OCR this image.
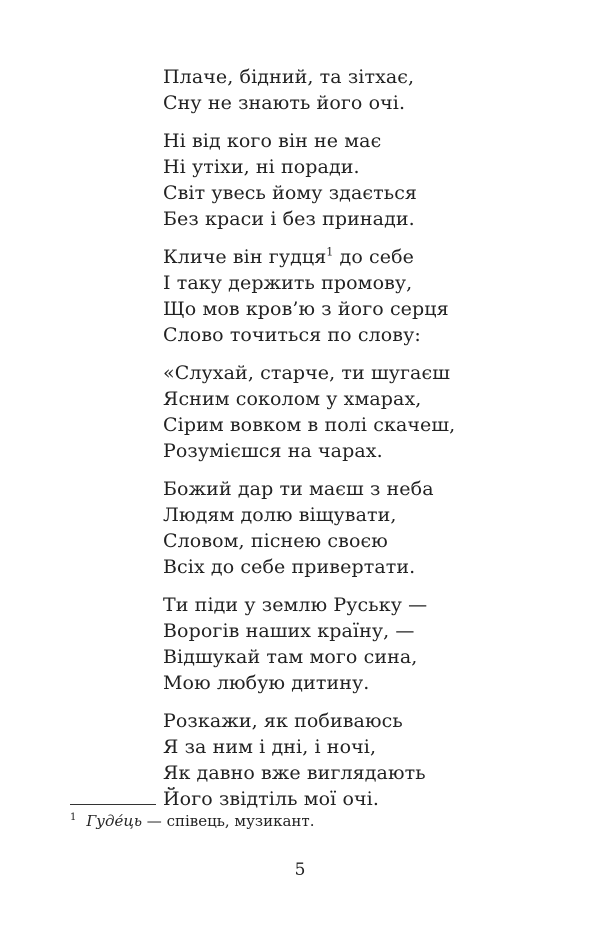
Плаче, бідний, та зітхає,
Сну не знають його очі.
Ні від кого він не має
Ні утіхи, ні поради.
Світ увесь йому здається
Без краси і без принади.
Кличе він гудця$^1$ до себе
І таку держить промову,
Що мов кров’ю з його серця
Слово точиться по слову:
«Слухай, старче, ти шугаєш
Ясним соколом у хмарах,
Сірим вовком в полі скачеш,
Розумієшся на чарах.
Божий дар ти маєш з неба
Людям долю віщувати,
Словом, піснею своєю
Всіх до себе привертати.
Ти піди у землю Руську —
Ворогів наших країну, —
Відшукай там мого сина,
Мою любую дитину.
Розкажи, як побиваюсь
Я за ним і дні, і ночі,
Як давно вже виглядають
Його звідтіль мої очі.

$^1$ Гуде́ць — співець, музикант.

5
